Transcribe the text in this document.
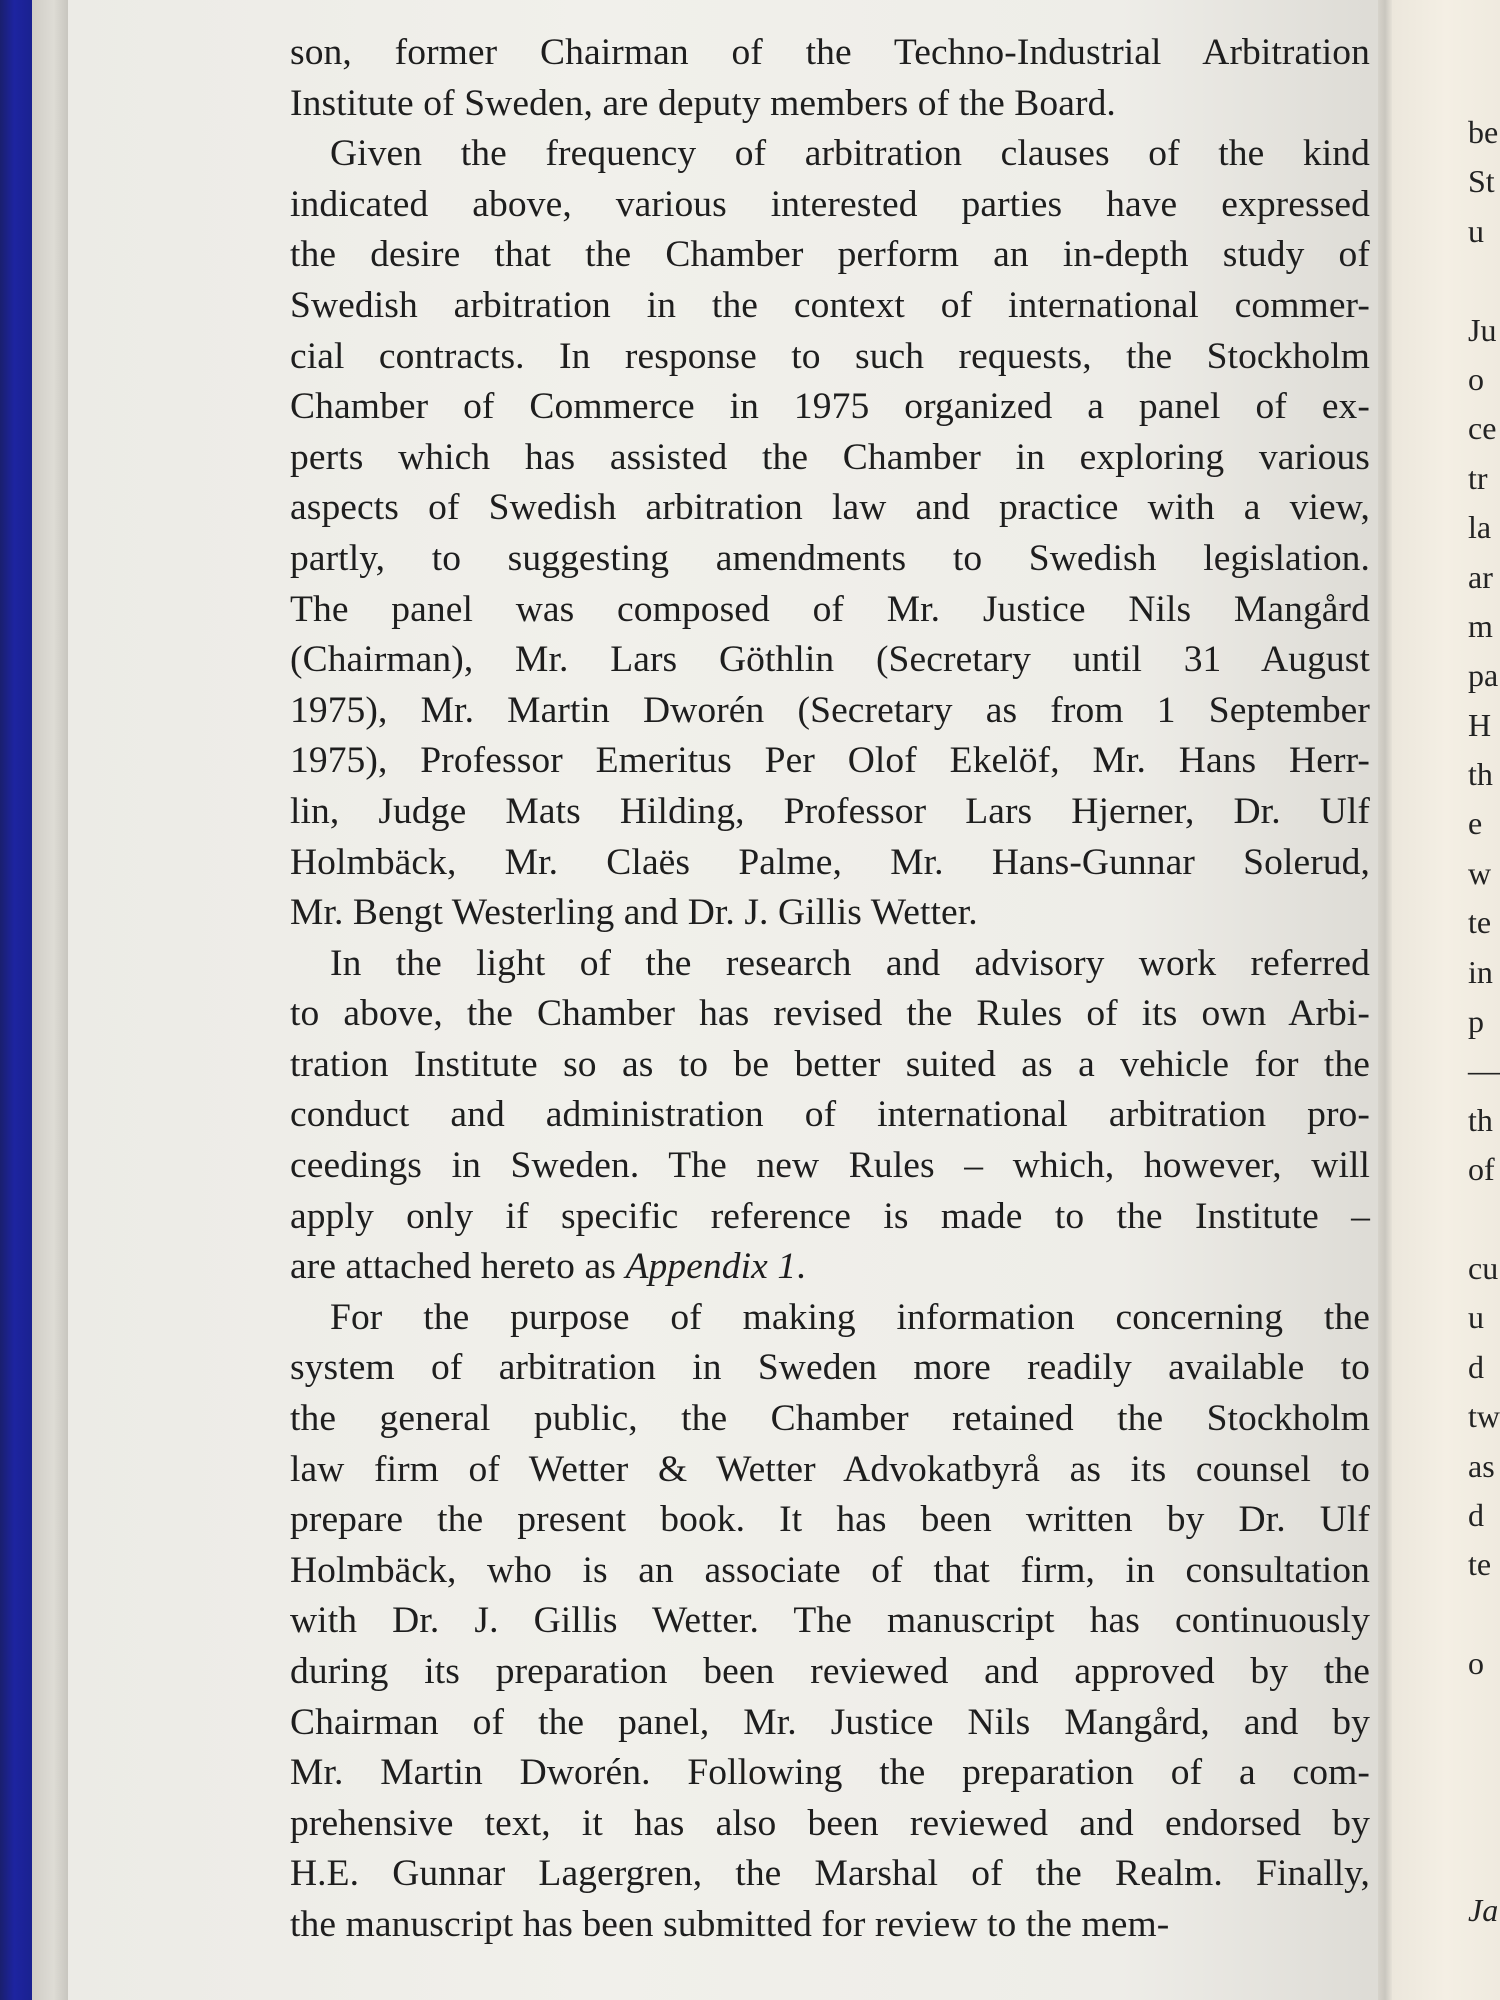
son, former Chairman of the Techno-Industrial Arbitration
Institute of Sweden, are deputy members of the Board.
Given the frequency of arbitration clauses of the kind
indicated above, various interested parties have expressed
the desire that the Chamber perform an in-depth study of
Swedish arbitration in the context of international commer-
cial contracts. In response to such requests, the Stockholm
Chamber of Commerce in 1975 organized a panel of ex-
perts which has assisted the Chamber in exploring various
aspects of Swedish arbitration law and practice with a view,
partly, to suggesting amendments to Swedish legislation.
The panel was composed of Mr. Justice Nils Mangård
(Chairman), Mr. Lars Göthlin (Secretary until 31 August
1975), Mr. Martin Dworén (Secretary as from 1 September
1975), Professor Emeritus Per Olof Ekelöf, Mr. Hans Herr-
lin, Judge Mats Hilding, Professor Lars Hjerner, Dr. Ulf
Holmbäck, Mr. Claës Palme, Mr. Hans-Gunnar Solerud,
Mr. Bengt Westerling and Dr. J. Gillis Wetter.
In the light of the research and advisory work referred
to above, the Chamber has revised the Rules of its own Arbi-
tration Institute so as to be better suited as a vehicle for the
conduct and administration of international arbitration pro-
ceedings in Sweden. The new Rules – which, however, will
apply only if specific reference is made to the Institute –
are attached hereto as Appendix 1.
For the purpose of making information concerning the
system of arbitration in Sweden more readily available to
the general public, the Chamber retained the Stockholm
law firm of Wetter & Wetter Advokatbyrå as its counsel to
prepare the present book. It has been written by Dr. Ulf
Holmbäck, who is an associate of that firm, in consultation
with Dr. J. Gillis Wetter. The manuscript has continuously
during its preparation been reviewed and approved by the
Chairman of the panel, Mr. Justice Nils Mangård, and by
Mr. Martin Dworén. Following the preparation of a com-
prehensive text, it has also been reviewed and endorsed by
H.E. Gunnar Lagergren, the Marshal of the Realm. Finally,
the manuscript has been submitted for review to the mem-
be
St
u
Ju
o
ce
tr
la
ar
m
pa
H
th
e
w
te
in
p
—
th
of
cu
u
d
tw
as
d
te
o
Ja
